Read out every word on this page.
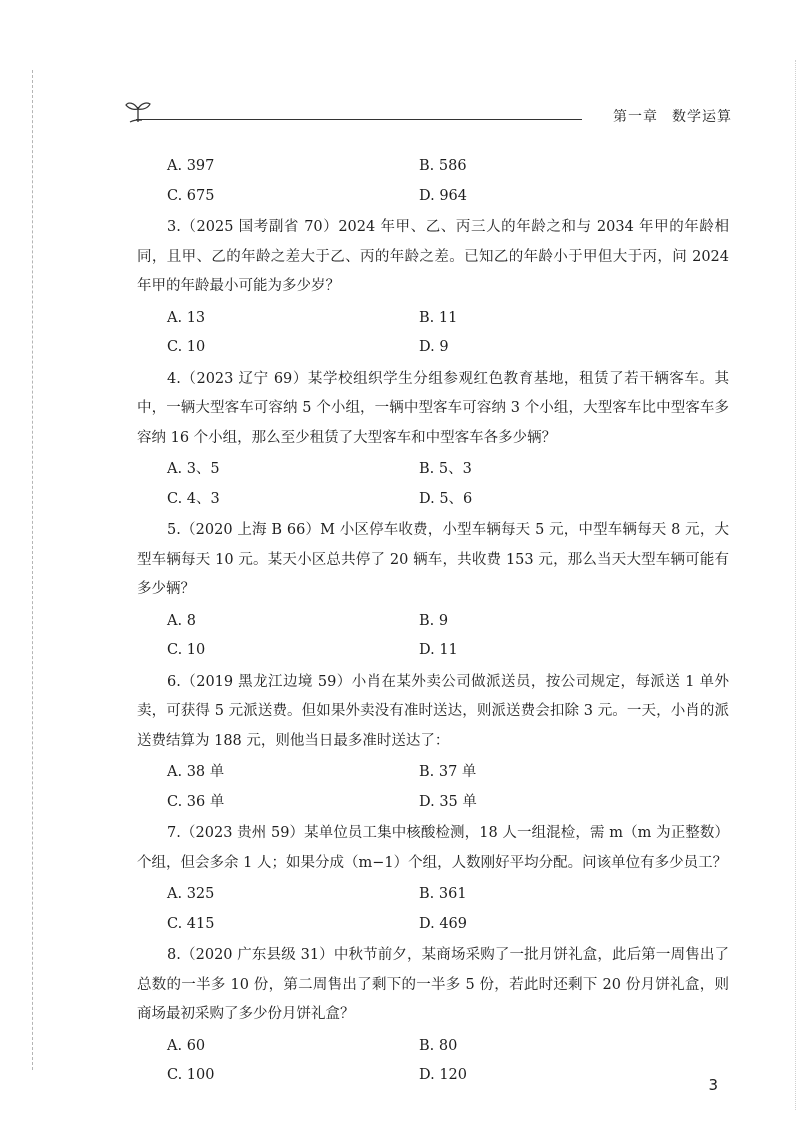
第一章 数学运算
A. 397	B. 586
C. 675	D. 964
3.（2025 国考副省 70）2024 年甲、乙、丙三人的年龄之和与 2034 年甲的年龄相同，且甲、乙的年龄之差大于乙、丙的年龄之差。已知乙的年龄小于甲但大于丙，问 2024 年甲的年龄最小可能为多少岁？
A. 13	B. 11
C. 10	D. 9
4.（2023 辽宁 69）某学校组织学生分组参观红色教育基地，租赁了若干辆客车。其中，一辆大型客车可容纳 5 个小组，一辆中型客车可容纳 3 个小组，大型客车比中型客车多容纳 16 个小组，那么至少租赁了大型客车和中型客车各多少辆？
A. 3、5	B. 5、3
C. 4、3	D. 5、6
5.（2020 上海 B 66）M 小区停车收费，小型车辆每天 5 元，中型车辆每天 8 元，大型车辆每天 10 元。某天小区总共停了 20 辆车，共收费 153 元，那么当天大型车辆可能有多少辆？
A. 8	B. 9
C. 10	D. 11
6.（2019 黑龙江边境 59）小肖在某外卖公司做派送员，按公司规定，每派送 1 单外卖，可获得 5 元派送费。但如果外卖没有准时送达，则派送费会扣除 3 元。一天，小肖的派送费结算为 188 元，则他当日最多准时送达了：
A. 38 单	B. 37 单
C. 36 单	D. 35 单
7.（2023 贵州 59）某单位员工集中核酸检测，18 人一组混检，需 m（m 为正整数）个组，但会多余 1 人；如果分成（m−1）个组，人数刚好平均分配。问该单位有多少员工？
A. 325	B. 361
C. 415	D. 469
8.（2020 广东县级 31）中秋节前夕，某商场采购了一批月饼礼盒，此后第一周售出了总数的一半多 10 份，第二周售出了剩下的一半多 5 份，若此时还剩下 20 份月饼礼盒，则商场最初采购了多少份月饼礼盒？
A. 60	B. 80
C. 100	D. 120
3
